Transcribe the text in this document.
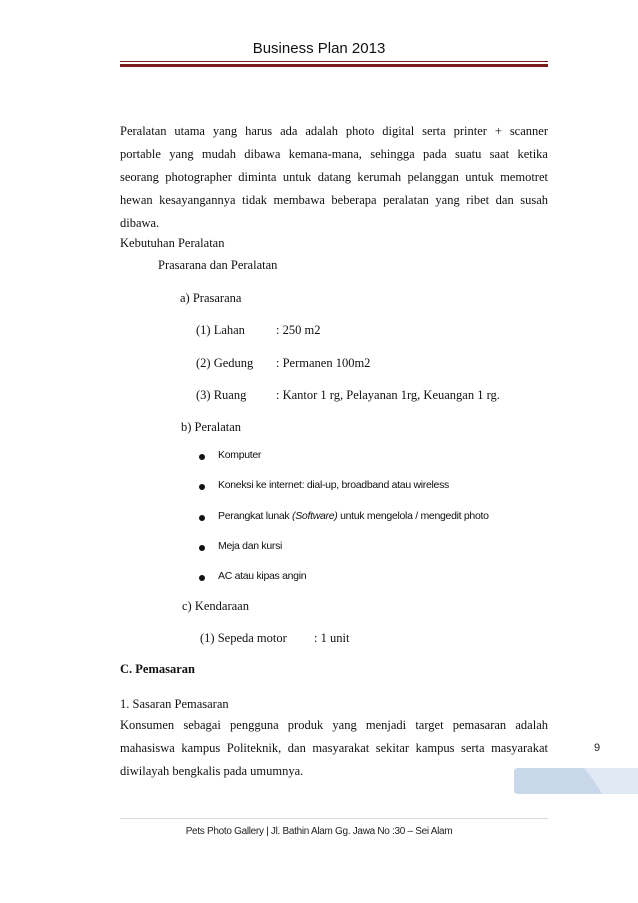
Business Plan 2013
Peralatan utama yang harus ada adalah photo digital serta printer + scanner
portable yang mudah dibawa kemana-mana, sehingga pada suatu saat ketika
seorang photographer diminta untuk datang kerumah pelanggan untuk memotret
hewan kesayangannya tidak membawa beberapa peralatan yang ribet dan susah
dibawa.
Kebutuhan Peralatan
Prasarana dan Peralatan
a) Prasarana
(1) Lahan : 250 m2
(2) Gedung : Permanen 100m2
(3) Ruang : Kantor 1 rg, Pelayanan 1rg, Keuangan 1 rg.
b) Peralatan
Komputer
Koneksi ke internet: dial-up, broadband atau wireless
Perangkat lunak (Software) untuk mengelola / mengedit photo
Meja dan kursi
AC atau kipas angin
c) Kendaraan
(1) Sepeda motor : 1 unit
C. Pemasaran
1. Sasaran Pemasaran
Konsumen sebagai pengguna produk yang menjadi target pemasaran adalah
mahasiswa kampus Politeknik, dan masyarakat sekitar kampus serta masyarakat
diwilayah bengkalis pada umumnya.
9
Pets Photo Gallery | Jl. Bathin Alam Gg. Jawa No :30 – Sei Alam
